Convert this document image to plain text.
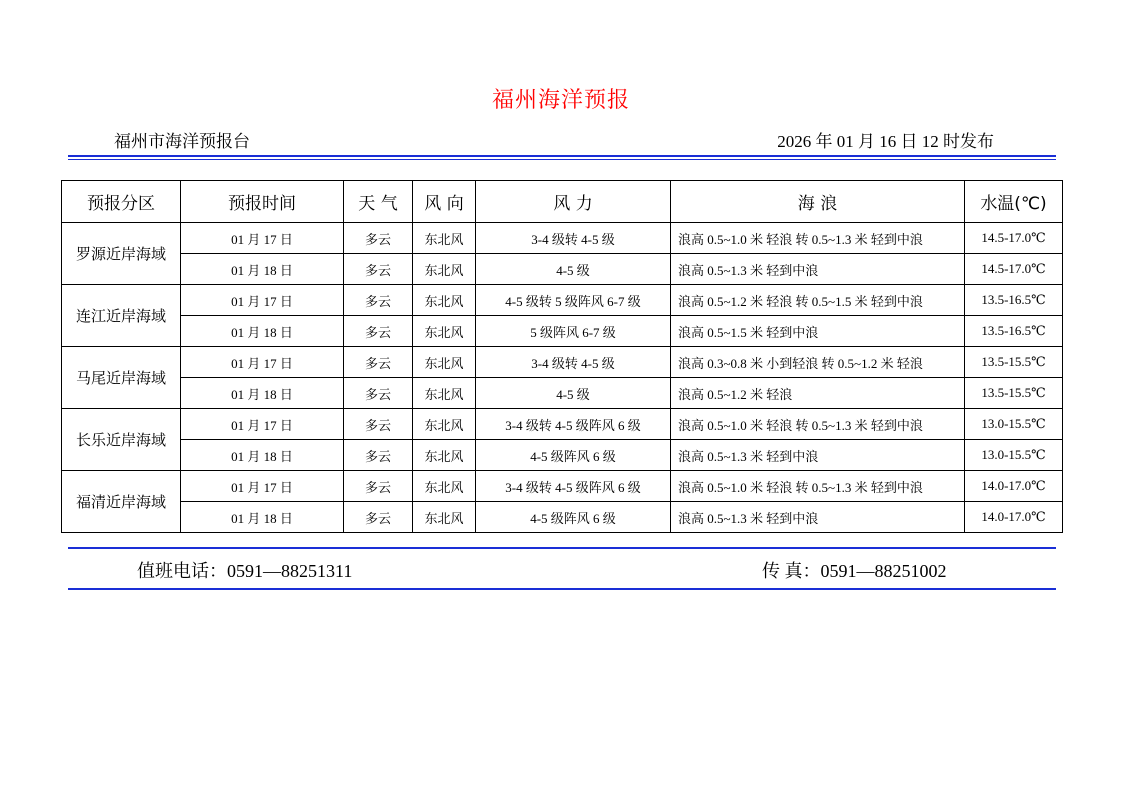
福州海洋预报
福州市海洋预报台	2026 年 01 月 16 日 12 时发布
预报分区	预报时间	天 气	风 向	风 力	海 浪	水温(℃)
罗源近岸海域	01 月 17 日	多云	东北风	3-4 级转 4-5 级	浪高 0.5~1.0 米 轻浪 转 0.5~1.3 米 轻到中浪	14.5-17.0℃
	01 月 18 日	多云	东北风	4-5 级	浪高 0.5~1.3 米 轻到中浪	14.5-17.0℃
连江近岸海域	01 月 17 日	多云	东北风	4-5 级转 5 级阵风 6-7 级	浪高 0.5~1.2 米 轻浪 转 0.5~1.5 米 轻到中浪	13.5-16.5℃
	01 月 18 日	多云	东北风	5 级阵风 6-7 级	浪高 0.5~1.5 米 轻到中浪	13.5-16.5℃
马尾近岸海域	01 月 17 日	多云	东北风	3-4 级转 4-5 级	浪高 0.3~0.8 米 小到轻浪 转 0.5~1.2 米 轻浪	13.5-15.5℃
	01 月 18 日	多云	东北风	4-5 级	浪高 0.5~1.2 米 轻浪	13.5-15.5℃
长乐近岸海域	01 月 17 日	多云	东北风	3-4 级转 4-5 级阵风 6 级	浪高 0.5~1.0 米 轻浪 转 0.5~1.3 米 轻到中浪	13.0-15.5℃
	01 月 18 日	多云	东北风	4-5 级阵风 6 级	浪高 0.5~1.3 米 轻到中浪	13.0-15.5℃
福清近岸海域	01 月 17 日	多云	东北风	3-4 级转 4-5 级阵风 6 级	浪高 0.5~1.0 米 轻浪 转 0.5~1.3 米 轻到中浪	14.0-17.0℃
	01 月 18 日	多云	东北风	4-5 级阵风 6 级	浪高 0.5~1.3 米 轻到中浪	14.0-17.0℃
值班电话：0591—88251311	传 真：0591—88251002
